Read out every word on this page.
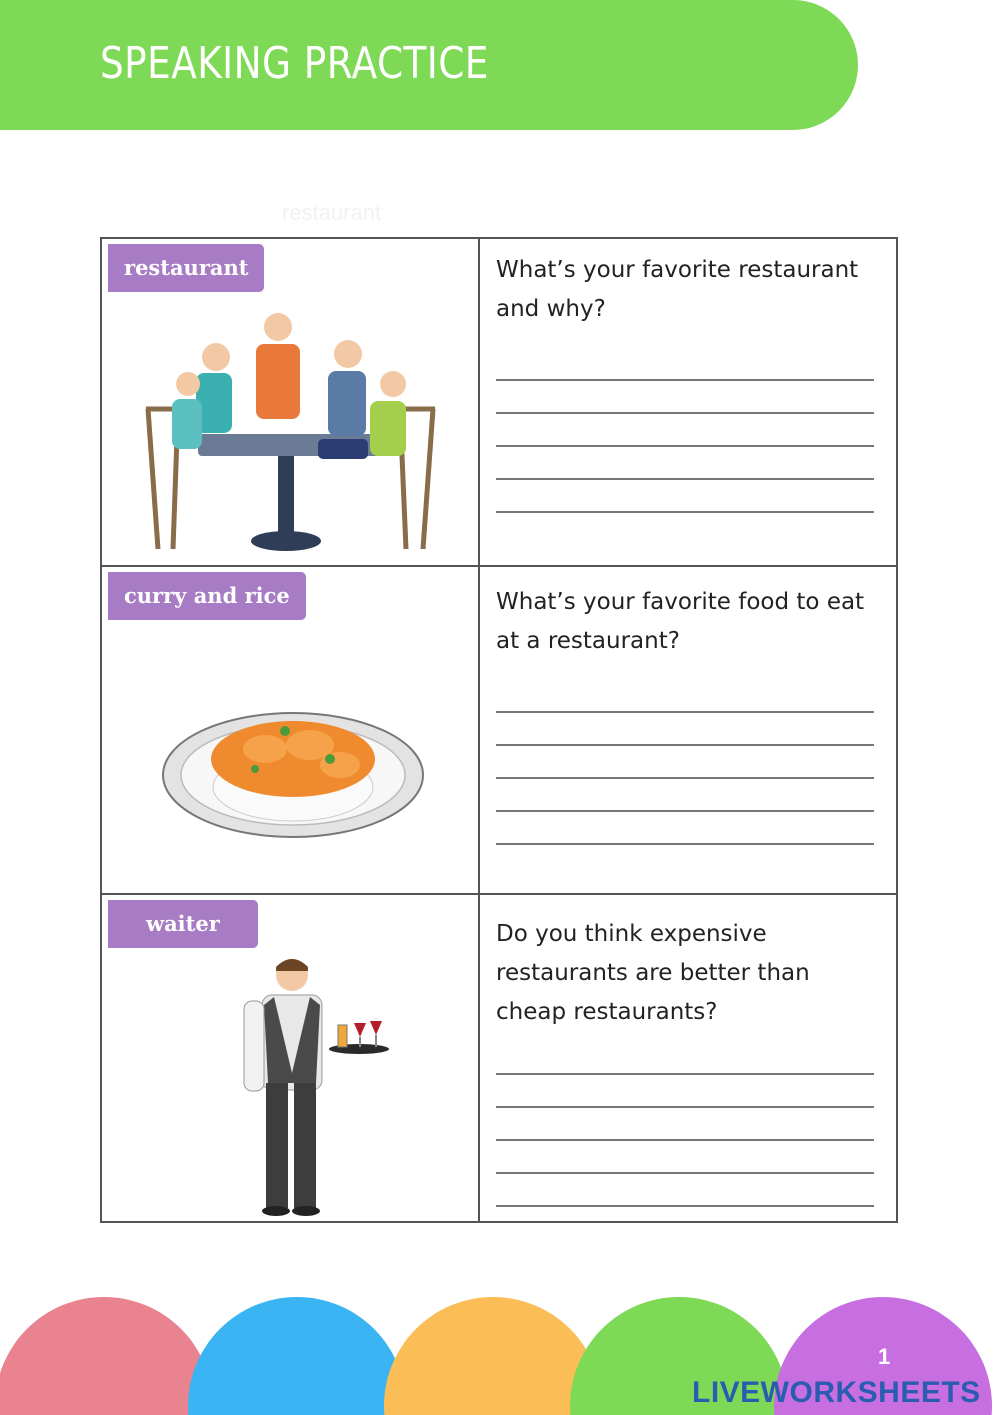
SPEAKING PRACTICE
restaurant
restaurant	What’s your favorite restaurant and why?

curry and rice	What’s your favorite food to eat at a restaurant?

waiter	Do you think expensive restaurants are better than cheap restaurants?
1
LIVEWORKSHEETS
